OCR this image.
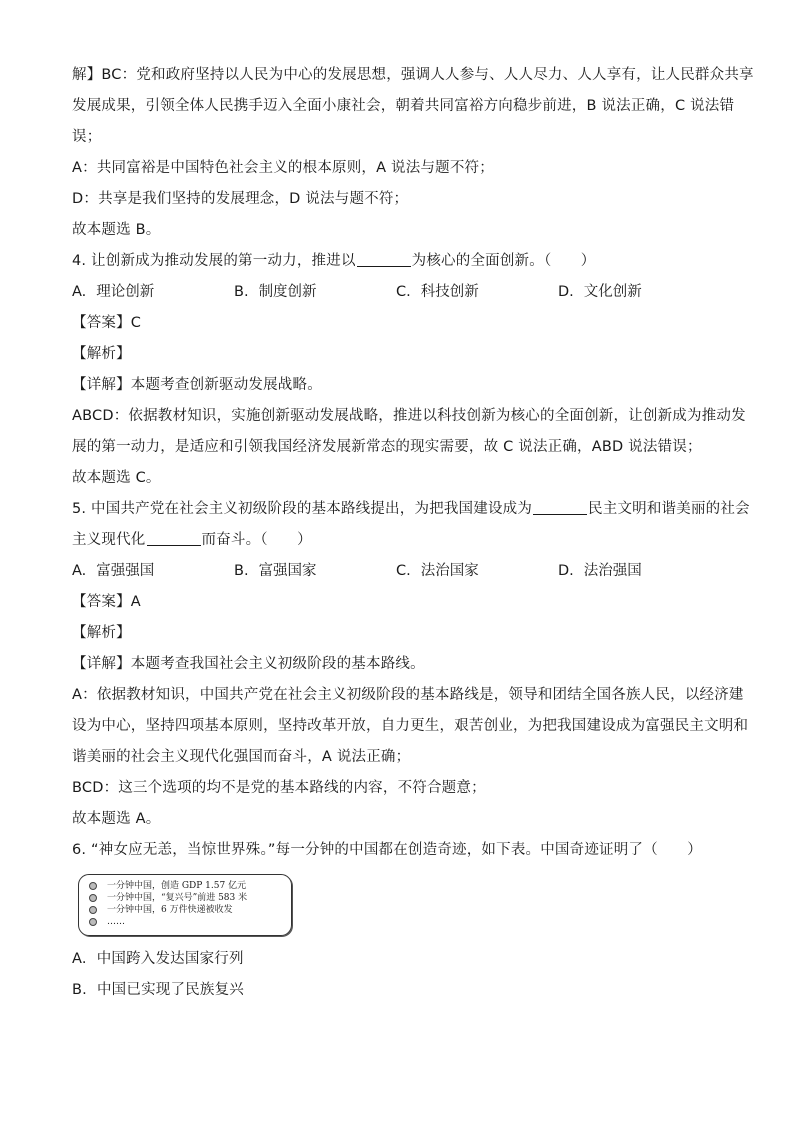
解】BC：党和政府坚持以人民为中心的发展思想，强调人人参与、人人尽力、人人享有，让人民群众共享
发展成果，引领全体人民携手迈入全面小康社会，朝着共同富裕方向稳步前进，B 说法正确，C 说法错
误；
A：共同富裕是中国特色社会主义的根本原则，A 说法与题不符；
D：共享是我们坚持的发展理念，D 说法与题不符；
故本题选 B。
4. 让创新成为推动发展的第一动力，推进以	为核心的全面创新。（　　）
A. 理论创新	B. 制度创新	C. 科技创新	D. 文化创新
【答案】C
【解析】
【详解】本题考查创新驱动发展战略。
ABCD：依据教材知识，实施创新驱动发展战略，推进以科技创新为核心的全面创新，让创新成为推动发
展的第一动力，是适应和引领我国经济发展新常态的现实需要，故 C 说法正确，ABD 说法错误；
故本题选 C。
5. 中国共产党在社会主义初级阶段的基本路线提出，为把我国建设成为	民主文明和谐美丽的社会
主义现代化	而奋斗。（　　）
A. 富强强国	B. 富强国家	C. 法治国家	D. 法治强国
【答案】A
【解析】
【详解】本题考查我国社会主义初级阶段的基本路线。
A：依据教材知识，中国共产党在社会主义初级阶段的基本路线是，领导和团结全国各族人民，以经济建
设为中心，坚持四项基本原则，坚持改革开放，自力更生，艰苦创业，为把我国建设成为富强民主文明和
谐美丽的社会主义现代化强国而奋斗，A 说法正确；
BCD：这三个选项的均不是党的基本路线的内容，不符合题意；
故本题选 A。
6. “神女应无恙，当惊世界殊。”每一分钟的中国都在创造奇迹，如下表。中国奇迹证明了（　　）
一分钟中国，创造 GDP 1.57 亿元
一分钟中国，“复兴号”前进 583 米
一分钟中国，6 万件快递被收发
……
A. 中国跨入发达国家行列
B. 中国已实现了民族复兴
